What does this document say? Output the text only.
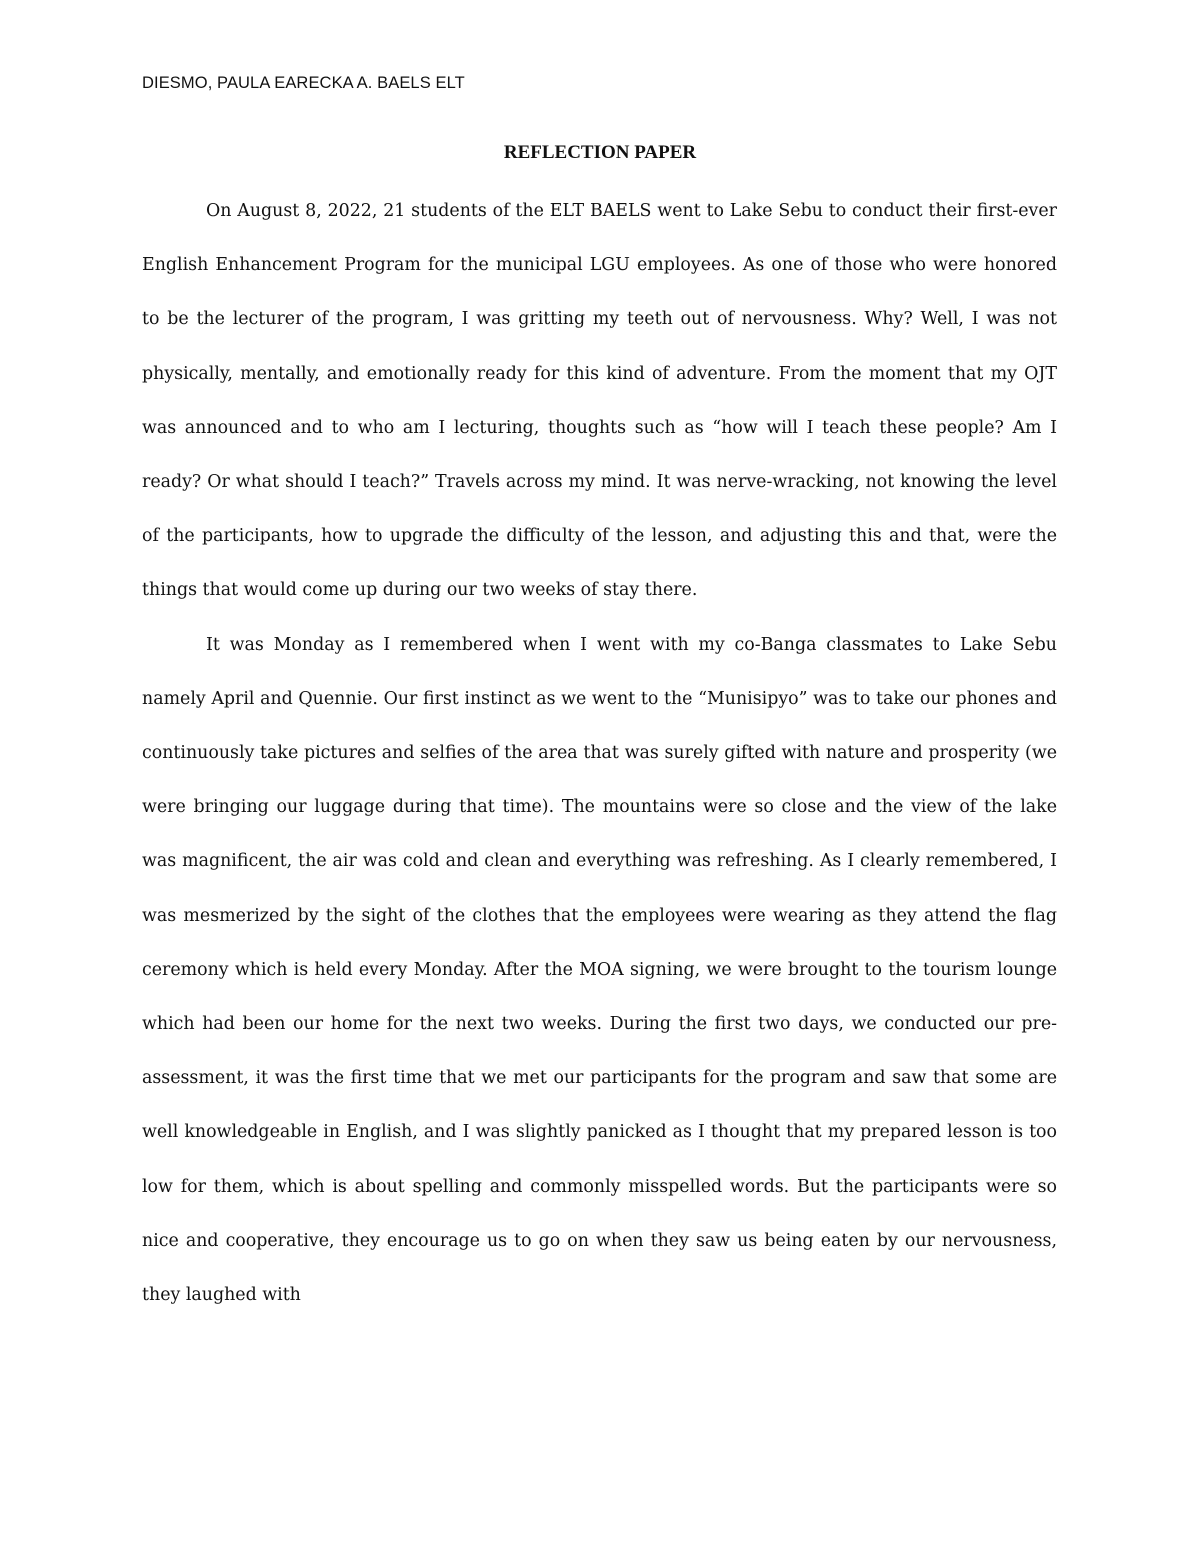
DIESMO, PAULA EARECKA A. BAELS ELT
REFLECTION PAPER

On August 8, 2022, 21 students of the ELT BAELS went to Lake Sebu to conduct their first-ever English Enhancement Program for the municipal LGU employees. As one of those who were honored to be the lecturer of the program, I was gritting my teeth out of nervousness. Why? Well, I was not physically, mentally, and emotionally ready for this kind of adventure. From the moment that my OJT was announced and to who am I lecturing, thoughts such as “how will I teach these people? Am I ready? Or what should I teach?” Travels across my mind. It was nerve-wracking, not knowing the level of the participants, how to upgrade the difficulty of the lesson, and adjusting this and that, were the things that would come up during our two weeks of stay there.

It was Monday as I remembered when I went with my co-Banga classmates to Lake Sebu namely April and Quennie. Our first instinct as we went to the “Munisipyo” was to take our phones and continuously take pictures and selfies of the area that was surely gifted with nature and prosperity (we were bringing our luggage during that time). The mountains were so close and the view of the lake was magnificent, the air was cold and clean and everything was refreshing. As I clearly remembered, I was mesmerized by the sight of the clothes that the employees were wearing as they attend the flag ceremony which is held every Monday. After the MOA signing, we were brought to the tourism lounge which had been our home for the next two weeks. During the first two days, we conducted our pre-assessment, it was the first time that we met our participants for the program and saw that some are well knowledgeable in English, and I was slightly panicked as I thought that my prepared lesson is too low for them, which is about spelling and commonly misspelled words. But the participants were so nice and cooperative, they encourage us to go on when they saw us being eaten by our nervousness, they laughed with
